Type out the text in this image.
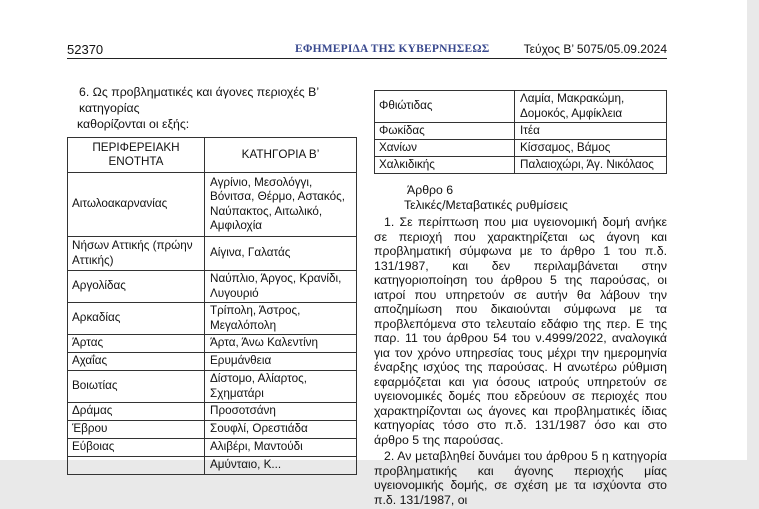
52370	ΕΦΗΜΕΡΙΔΑ ΤΗΣ ΚΥΒΕΡΝΗΣΕΩΣ	Τεύχος Β’ 5075/05.09.2024

6. Ως προβληματικές και άγονες περιοχές Β’ κατηγορίας
καθορίζονται οι εξής:

ΠΕΡΙΦΕΡΕΙΑΚΗ ΕΝΟΤΗΤΑ	ΚΑΤΗΓΟΡΙΑ Β’
Αιτωλοακαρνανίας	Αγρίνιο, Μεσολόγγι, Βόνιτσα, Θέρμο, Αστακός, Ναύπακτος, Αιτωλικό, Αμφιλοχία
Νήσων Αττικής (πρώην Αττικής)	Αίγινα, Γαλατάς
Αργολίδας	Ναύπλιο, Άργος, Κρανίδι, Λυγουριό
Αρκαδίας	Τρίπολη, Άστρος, Μεγαλόπολη
Άρτας	Άρτα, Άνω Καλεντίνη
Αχαΐας	Ερυμάνθεια
Βοιωτίας	Δίστομο, Αλίαρτος, Σχηματάρι
Δράμας	Προσοτσάνη
Έβρου	Σουφλί, Ορεστιάδα
Εύβοιας	Αλιβέρι, Μαντούδι
	Αμύνταιο, Κ...
Φθιώτιδας	Λαμία, Μακρακώμη, Δομοκός, Αμφίκλεια
Φωκίδας	Ιτέα
Χανίων	Κίσσαμος, Βάμος
Χαλκιδικής	Παλαιοχώρι, Άγ. Νικόλαος

Άρθρο 6

Τελικές/Μεταβατικές ρυθμίσεις

1. Σε περίπτωση που μια υγειονομική δομή ανήκε σε περιοχή που χαρακτηρίζεται ως άγονη και προβληματική σύμφωνα με το άρθρο 1 του π.δ. 131/1987, και δεν περιλαμβάνεται στην κατηγοριοποίηση του άρθρου 5 της παρούσας, οι ιατροί που υπηρετούν σε αυτήν θα λάβουν την αποζημίωση που δικαιούνται σύμφωνα με τα προβλεπόμενα στο τελευταίο εδάφιο της περ. Ε της παρ. 11 του άρθρου 54 του ν.4999/2022, αναλογικά για τον χρόνο υπηρεσίας τους μέχρι την ημερομηνία έναρξης ισχύος της παρούσας. Η ανωτέρω ρύθμιση εφαρμόζεται και για όσους ιατρούς υπηρετούν σε υγειονομικές δομές που εδρεύουν σε περιοχές που χαρακτηρίζονται ως άγονες και προβληματικές ίδιας κατηγορίας τόσο στο π.δ. 131/1987 όσο και στο άρθρο 5 της παρούσας.

2. Αν μεταβληθεί δυνάμει του άρθρου 5 η κατηγορία προβληματικής και άγονης περιοχής μίας υγειονομικής δομής, σε σχέση με τα ισχύοντα στο π.δ. 131/1987, οι
